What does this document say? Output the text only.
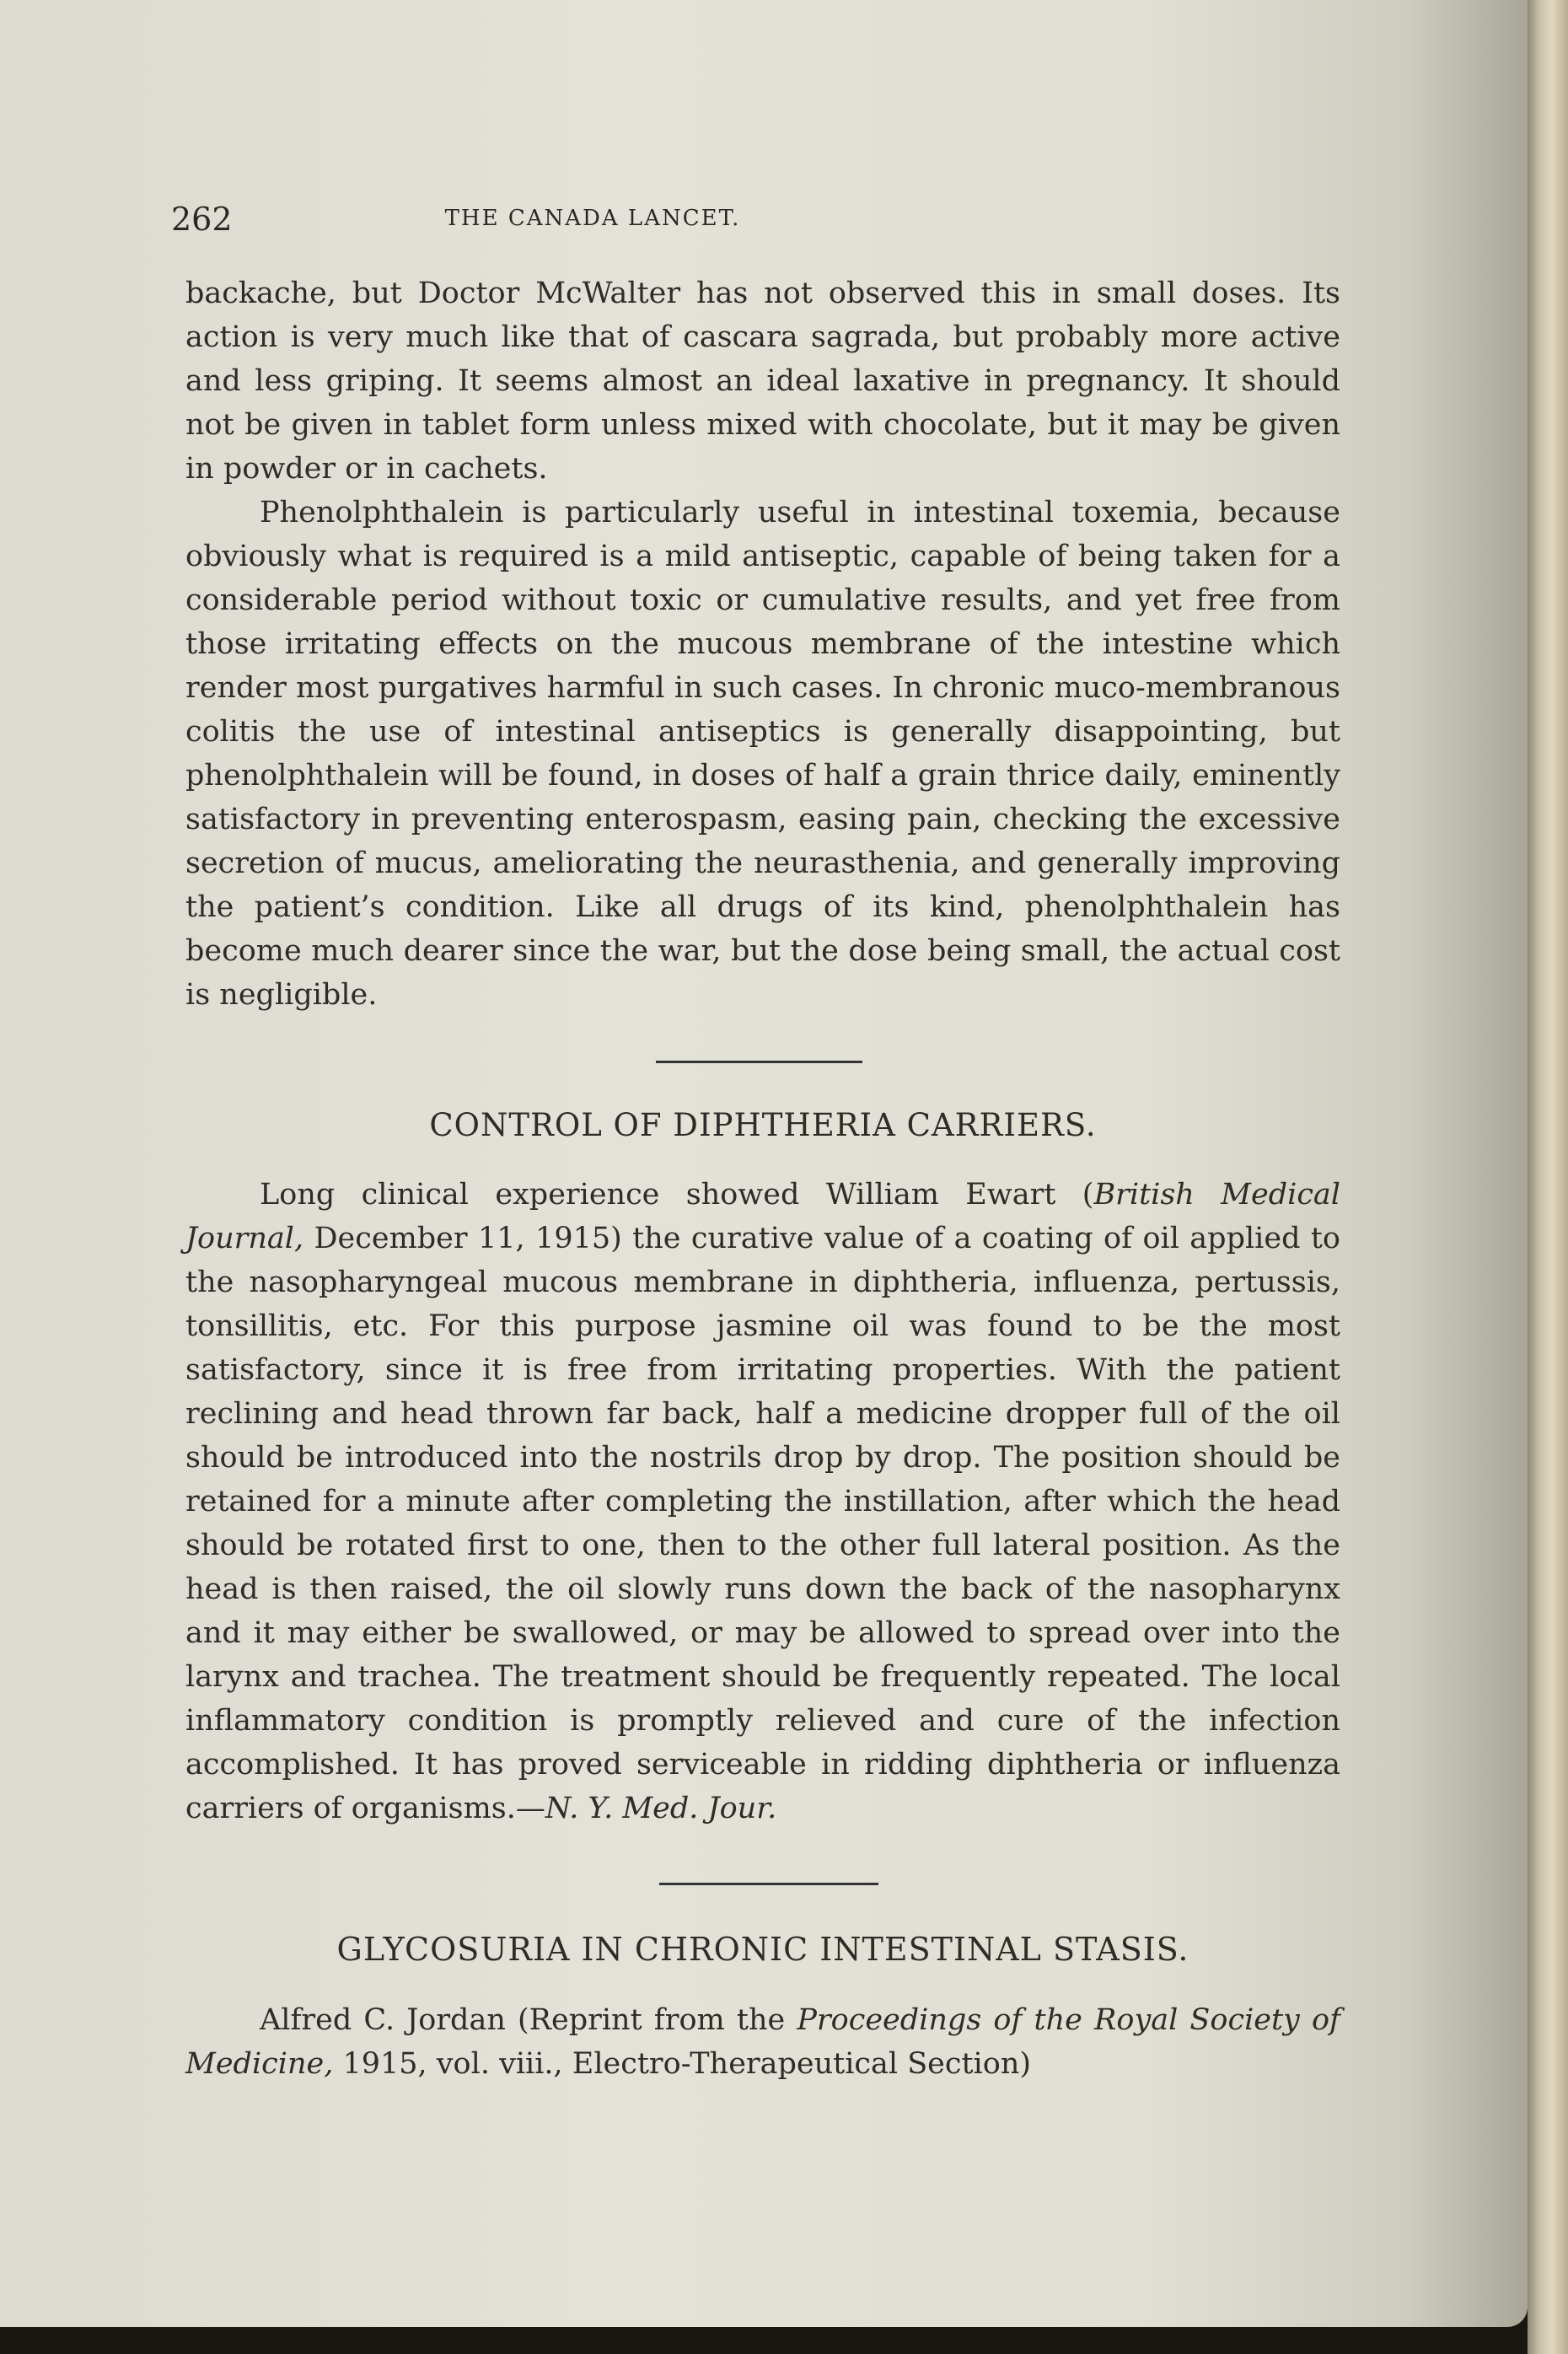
262	THE CANADA LANCET.

backache, but Doctor McWalter has not observed this in small doses. Its action is very much like that of cascara sagrada, but probably more active and less griping. It seems almost an ideal laxative in pregnancy. It should not be given in tablet form unless mixed with chocolate, but it may be given in powder or in cachets.

Phenolphthalein is particularly useful in intestinal toxemia, because obviously what is required is a mild antiseptic, capable of being taken for a considerable period without toxic or cumulative results, and yet free from those irritating effects on the mucous membrane of the intestine which render most purgatives harmful in such cases. In chronic muco-membranous colitis the use of intestinal antiseptics is generally disappointing, but phenolphthalein will be found, in doses of half a grain thrice daily, eminently satisfactory in preventing enterospasm, easing pain, checking the excessive secretion of mucus, ameliorating the neurasthenia, and generally improving the patient’s condition. Like all drugs of its kind, phenolphthalein has become much dearer since the war, but the dose being small, the actual cost is negligible.

CONTROL OF DIPHTHERIA CARRIERS.

Long clinical experience showed William Ewart (British Medical Journal, December 11, 1915) the curative value of a coating of oil applied to the nasopharyngeal mucous membrane in diphtheria, influenza, pertussis, tonsillitis, etc. For this purpose jasmine oil was found to be the most satisfactory, since it is free from irritating properties. With the patient reclining and head thrown far back, half a medicine dropper full of the oil should be introduced into the nostrils drop by drop. The position should be retained for a minute after completing the instillation, after which the head should be rotated first to one, then to the other full lateral position. As the head is then raised, the oil slowly runs down the back of the nasopharynx and it may either be swallowed, or may be allowed to spread over into the larynx and trachea. The treatment should be frequently repeated. The local inflammatory condition is promptly relieved and cure of the infection accomplished. It has proved serviceable in ridding diphtheria or influenza carriers of organisms.—N. Y. Med. Jour.

GLYCOSURIA IN CHRONIC INTESTINAL STASIS.

Alfred C. Jordan (Reprint from the Proceedings of the Royal Society of Medicine, 1915, vol. viii., Electro-Therapeutical Section)
